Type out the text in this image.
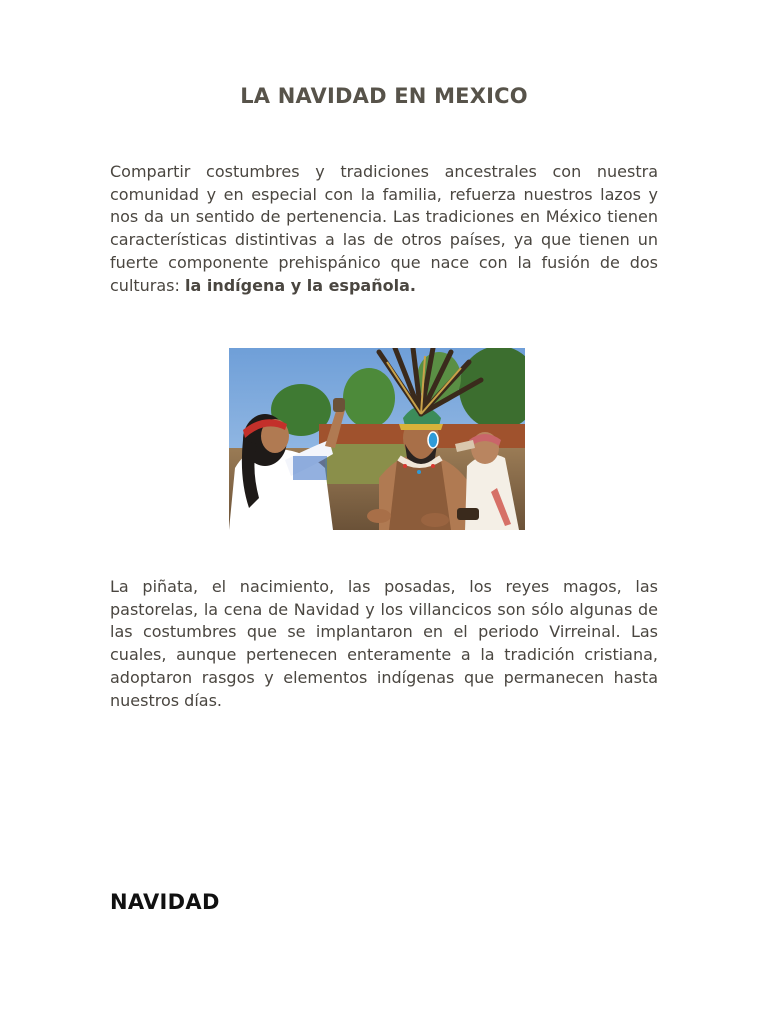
LA NAVIDAD EN MEXICO

Compartir costumbres y tradiciones ancestrales con nuestra comunidad y en especial con la familia, refuerza nuestros lazos y nos da un sentido de pertenencia. Las tradiciones en México tienen características distintivas a las de otros países, ya que tienen un fuerte componente prehispánico que nace con la fusión de dos culturas: la indígena y la española.

La piñata, el nacimiento, las posadas, los reyes magos, las pastorelas, la cena de Navidad y los villancicos son sólo algunas de las costumbres que se implantaron en el periodo Virreinal. Las cuales, aunque pertenecen enteramente a la tradición cristiana, adoptaron rasgos y elementos indígenas que permanecen hasta nuestros días.

NAVIDAD
